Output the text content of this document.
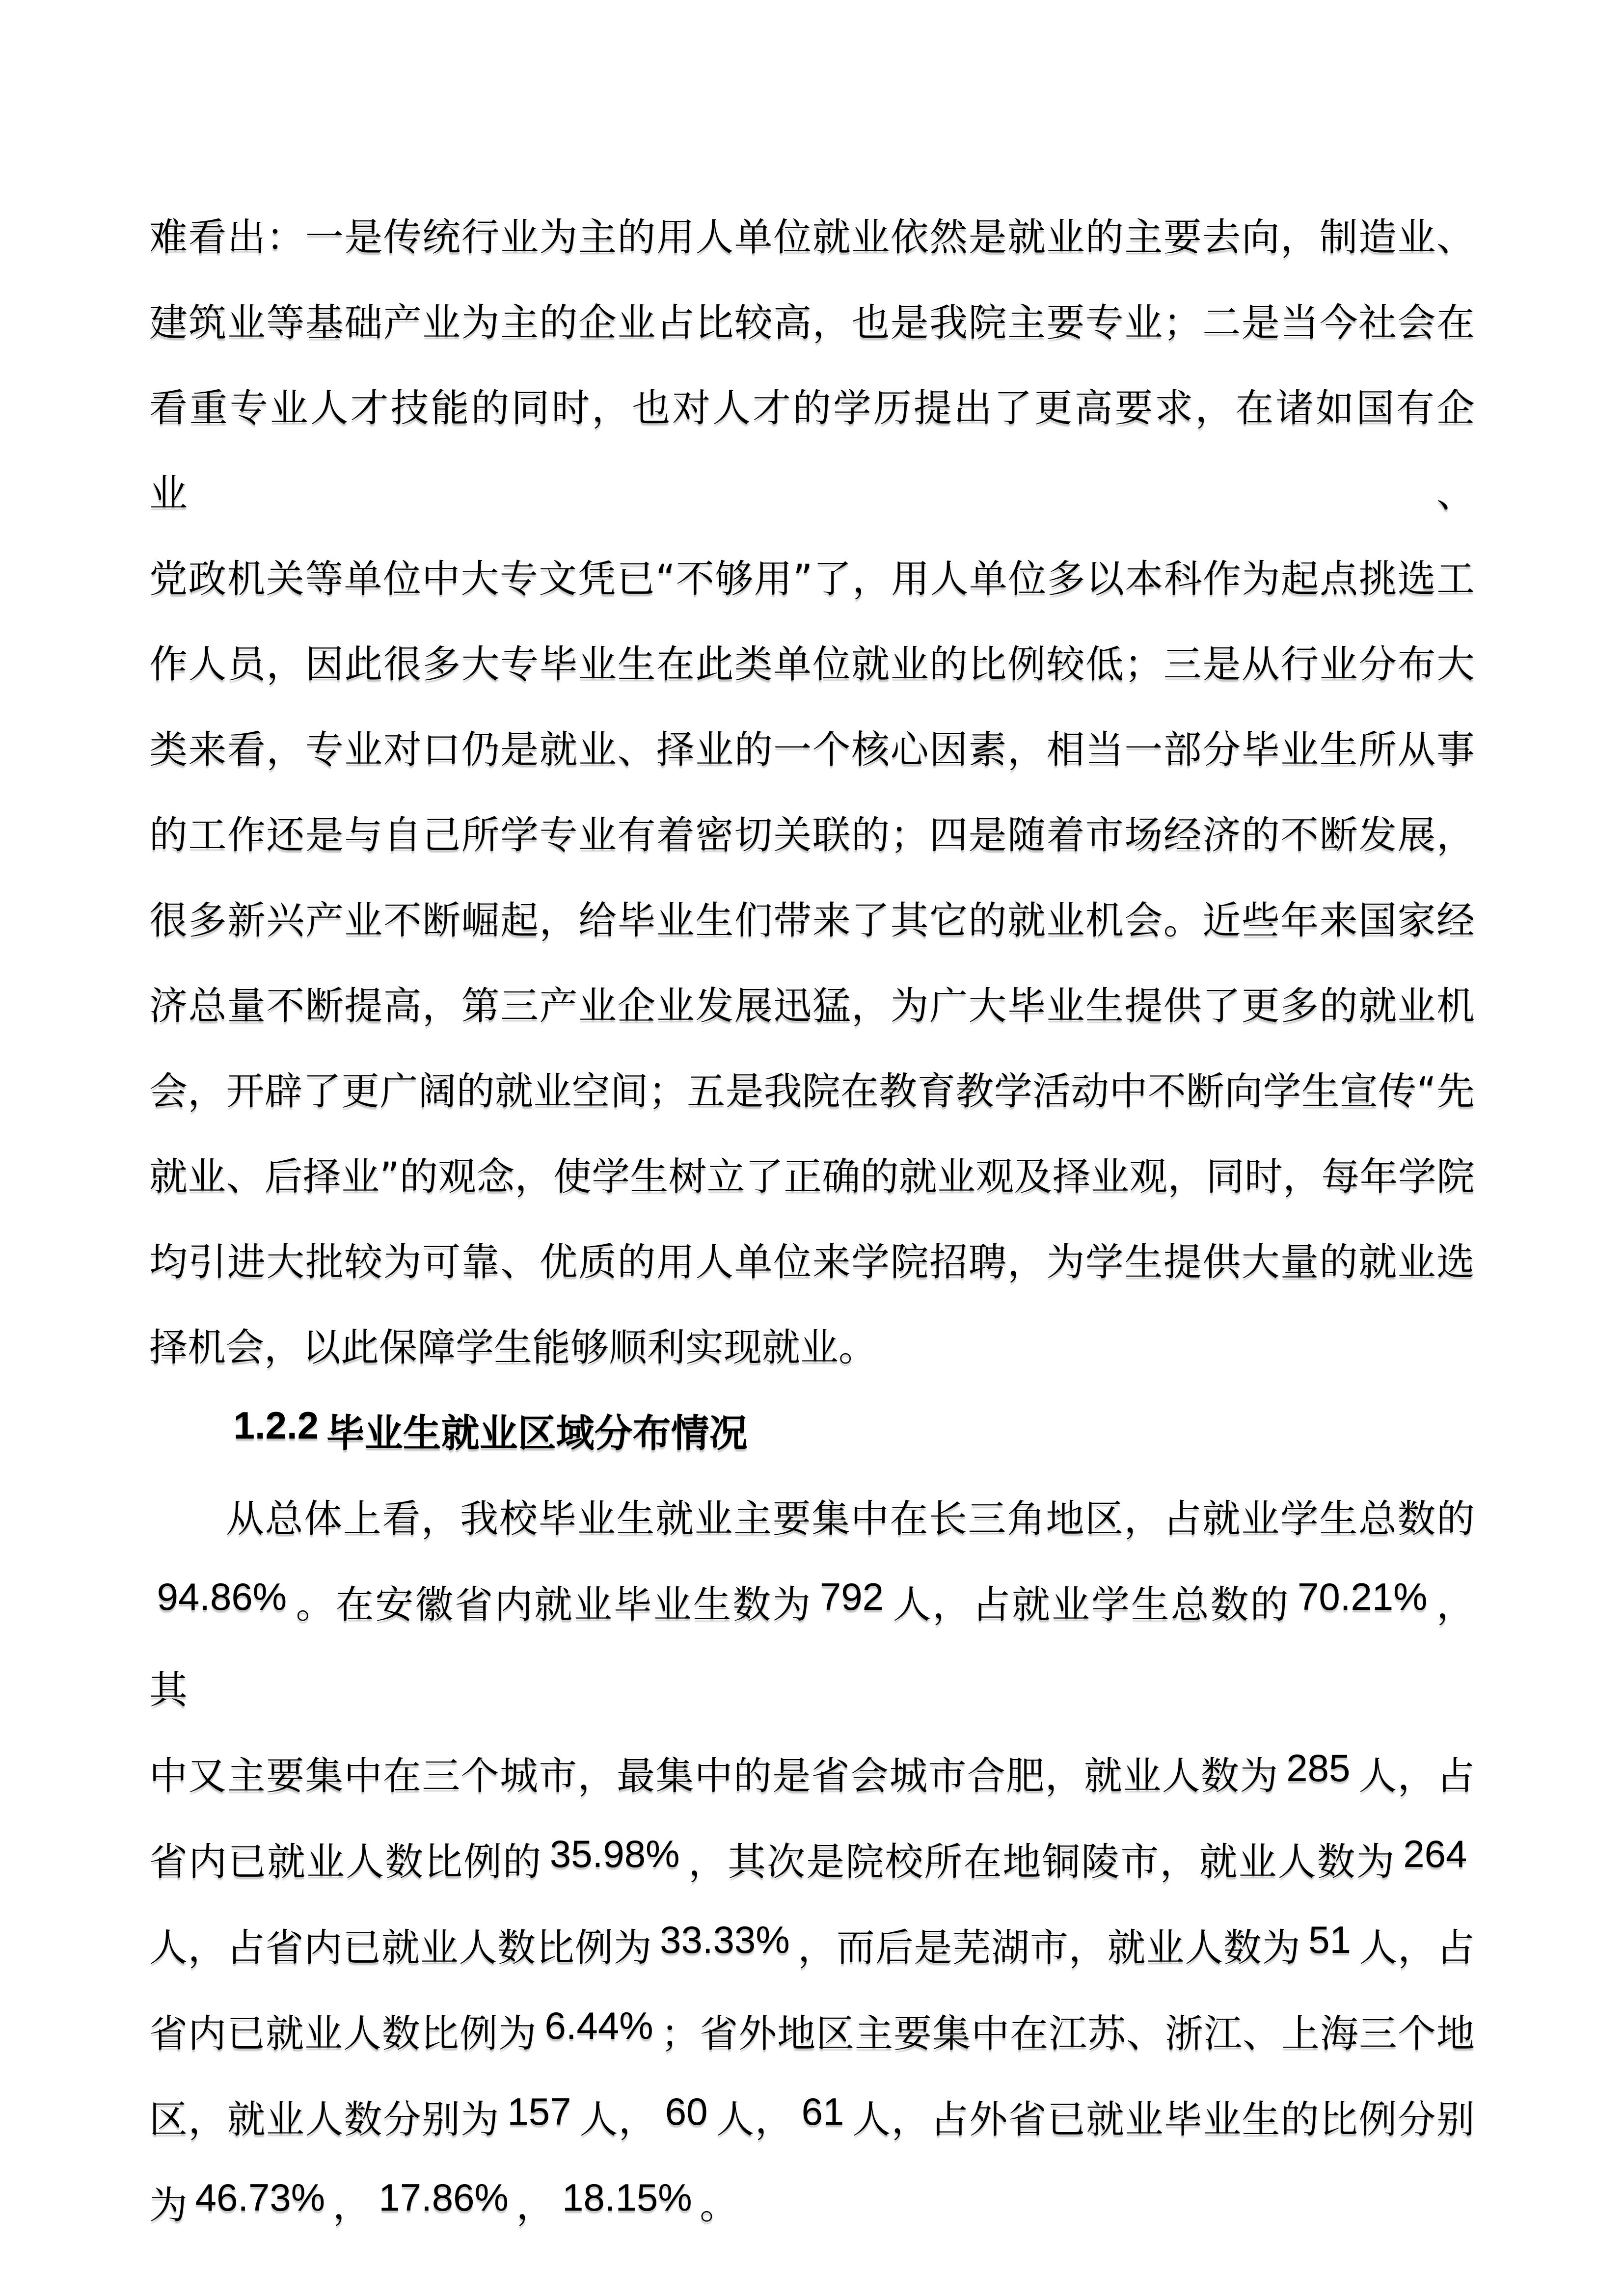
难看出：一是传统行业为主的用人单位就业依然是就业的主要去向，制造业、
建筑业等基础产业为主的企业占比较高，也是我院主要专业；二是当今社会在
看重专业人才技能的同时，也对人才的学历提出了更高要求，在诸如国有企业、
党政机关等单位中大专文凭已“不够用”了，用人单位多以本科作为起点挑选工
作人员，因此很多大专毕业生在此类单位就业的比例较低；三是从行业分布大
类来看，专业对口仍是就业、择业的一个核心因素，相当一部分毕业生所从事
的工作还是与自己所学专业有着密切关联的；四是随着市场经济的不断发展，
很多新兴产业不断崛起，给毕业生们带来了其它的就业机会。近些年来国家经
济总量不断提高，第三产业企业发展迅猛，为广大毕业生提供了更多的就业机
会，开辟了更广阔的就业空间；五是我院在教育教学活动中不断向学生宣传“先
就业、后择业”的观念，使学生树立了正确的就业观及择业观，同时，每年学院
均引进大批较为可靠、优质的用人单位来学院招聘，为学生提供大量的就业选
择机会，以此保障学生能够顺利实现就业。
1.2.2 毕业生就业区域分布情况
从总体上看，我校毕业生就业主要集中在长三角地区，占就业学生总数的
94.86% 。在安徽省内就业毕业生数为 792 人，占就业学生总数的 70.21% ，其
中又主要集中在三个城市，最集中的是省会城市合肥，就业人数为 285 人，占
省内已就业人数比例的 35.98% ，其次是院校所在地铜陵市，就业人数为 264
人，占省内已就业人数比例为 33.33% ，而后是芜湖市，就业人数为 51 人，占
省内已就业人数比例为 6.44% ；省外地区主要集中在江苏、浙江、上海三个地
区，就业人数分别为 157 人， 60 人， 61 人，占外省已就业毕业生的比例分别
为 46.73% ， 17.86% ， 18.15% 。
